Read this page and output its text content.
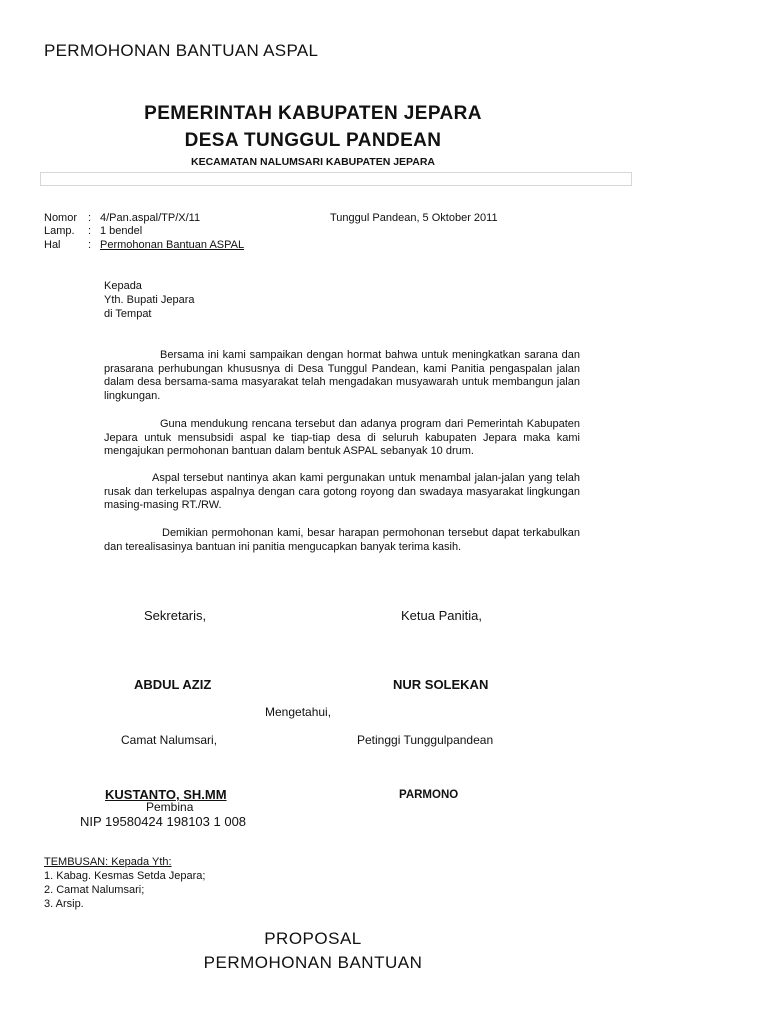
PERMOHONAN BANTUAN ASPAL
PEMERINTAH KABUPATEN JEPARA
DESA TUNGGUL PANDEAN
KECAMATAN NALUMSARI KABUPATEN JEPARA
Nomor : 4/Pan.aspal/TP/X/11
Lamp. : 1 bendel
Hal : Permohonan Bantuan ASPAL
Tunggul Pandean, 5 Oktober 2011
Kepada
Yth. Bupati Jepara
di Tempat
Bersama ini kami sampaikan dengan hormat bahwa untuk meningkatkan sarana dan prasarana perhubungan khususnya di Desa Tunggul Pandean, kami Panitia pengaspalan jalan dalam desa bersama-sama masyarakat telah mengadakan musyawarah untuk membangun jalan lingkungan.
Guna mendukung rencana tersebut dan adanya program dari Pemerintah Kabupaten Jepara untuk mensubsidi aspal ke tiap-tiap desa di seluruh kabupaten Jepara maka kami mengajukan permohonan bantuan dalam bentuk ASPAL sebanyak 10 drum.
Aspal tersebut nantinya akan kami pergunakan untuk menambal jalan-jalan yang telah rusak dan terkelupas aspalnya dengan cara gotong royong dan swadaya masyarakat lingkungan masing-masing RT./RW.
Demikian permohonan kami, besar harapan permohonan tersebut dapat terkabulkan dan terealisasinya bantuan ini panitia mengucapkan banyak terima kasih.
Sekretaris,	Ketua Panitia,
ABDUL AZIZ	NUR SOLEKAN
Mengetahui,
Camat Nalumsari,	Petinggi Tunggulpandean
KUSTANTO, SH.MM
Pembina
NIP 19580424 198103 1 008
PARMONO
TEMBUSAN: Kepada Yth:
1. Kabag. Kesmas Setda Jepara;
2. Camat Nalumsari;
3. Arsip.
PROPOSAL
PERMOHONAN BANTUAN
